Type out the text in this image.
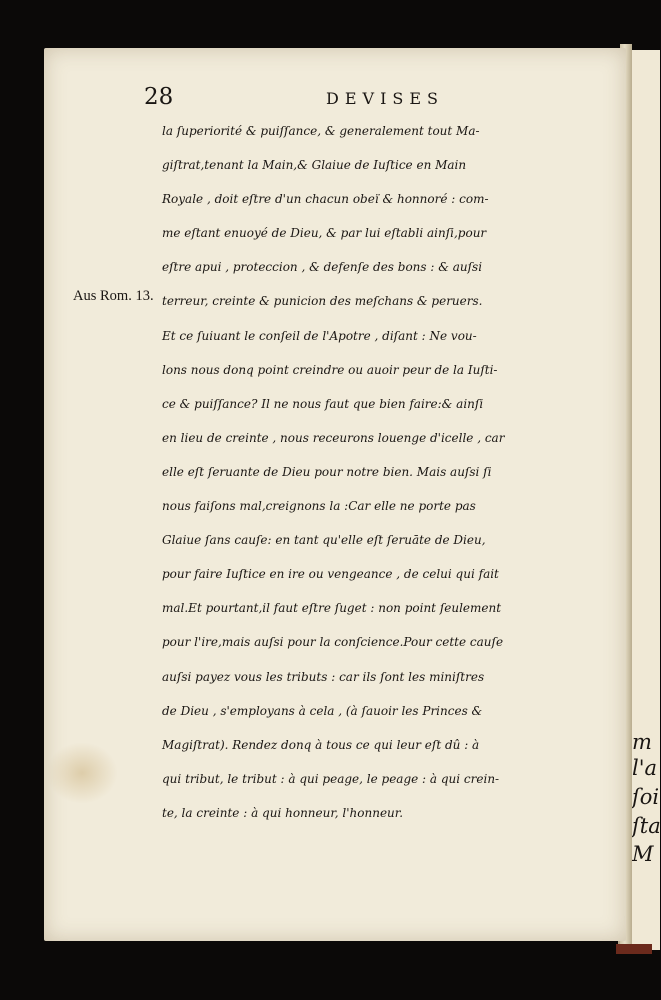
m
l'a
ſoi
ſta
M
28	DEVISES
Aus Rom. 13.
la ſuperiorité & puiſſance, & generalement tout Ma-
giſtrat,tenant la Main,& Glaiue de Iuſtice en Main
Royale , doit eſtre d'un chacun obeï & honnoré : com-
me eſtant enuoyé de Dieu, & par lui eſtabli ainſi,pour
eſtre apui , proteccion , & defenſe des bons : & auſsi
terreur, creinte & punicion des meſchans & peruers.
Et ce ſuiuant le conſeil de l'Apotre , diſant : Ne vou-
lons nous donq point creindre ou auoir peur de la Iuſti-
ce & puiſſance? Il ne nous faut que bien faire:& ainſi
en lieu de creinte , nous receurons louenge d'icelle , car
elle eſt ſeruante de Dieu pour notre bien. Mais auſsi ſi
nous faiſons mal,creignons la :Car elle ne porte pas
Glaiue ſans cauſe: en tant qu'elle eſt ſeruāte de Dieu,
pour faire Iuſtice en ire ou vengeance , de celui qui fait
mal.Et pourtant,il faut eſtre ſuget : non point ſeulement
pour l'ire,mais auſsi pour la conſcience.Pour cette cauſe
auſsi payez vous les tributs : car ils ſont les miniſtres
de Dieu , s'employans à cela , (à ſauoir les Princes &
Magiſtrat). Rendez donq à tous ce qui leur eſt dû : à
qui tribut, le tribut : à qui peage, le peage : à qui crein-
te, la creinte : à qui honneur, l'honneur.
